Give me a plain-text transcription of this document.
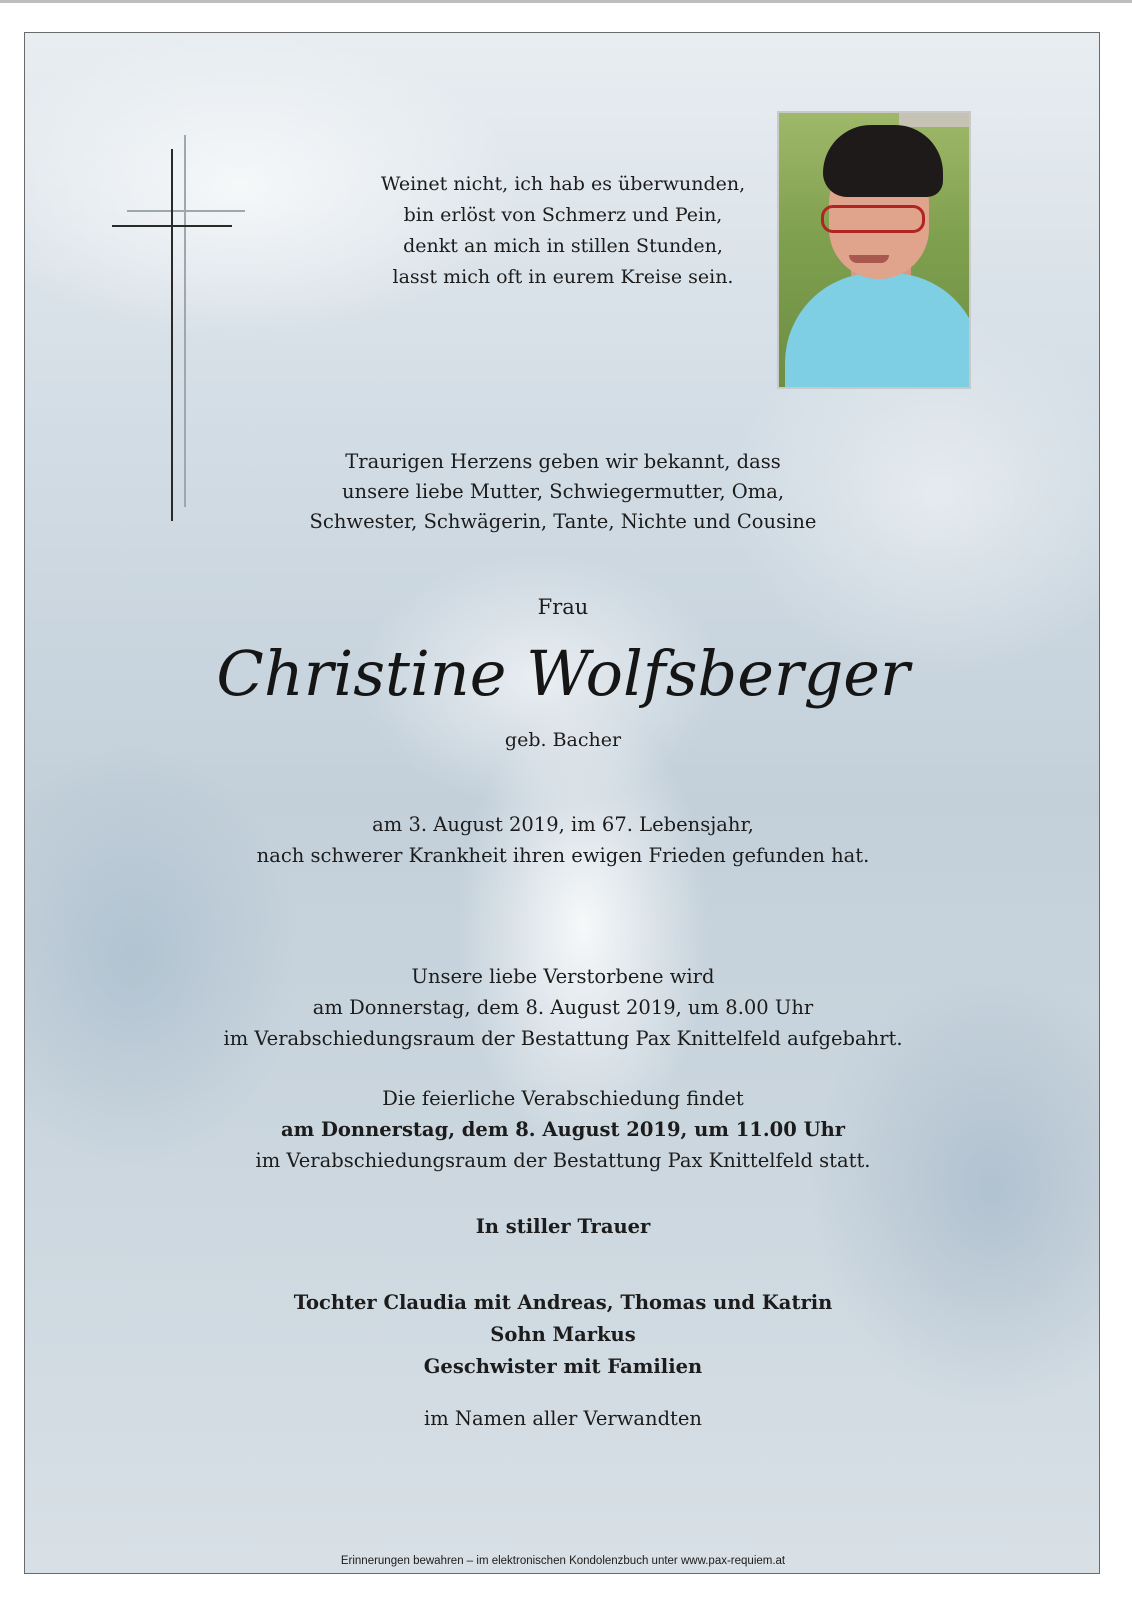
Weinet nicht, ich hab es überwunden,
bin erlöst von Schmerz und Pein,
denkt an mich in stillen Stunden,
lasst mich oft in eurem Kreise sein.
Traurigen Herzens geben wir bekannt, dass
unsere liebe Mutter, Schwiegermutter, Oma,
Schwester, Schwägerin, Tante, Nichte und Cousine
Frau
Christine Wolfsberger
geb. Bacher
am 3. August 2019, im 67. Lebensjahr,
nach schwerer Krankheit ihren ewigen Frieden gefunden hat.
Unsere liebe Verstorbene wird
am Donnerstag, dem 8. August 2019, um 8.00 Uhr
im Verabschiedungsraum der Bestattung Pax Knittelfeld aufgebahrt.
Die feierliche Verabschiedung findet
am Donnerstag, dem 8. August 2019, um 11.00 Uhr
im Verabschiedungsraum der Bestattung Pax Knittelfeld statt.
In stiller Trauer
Tochter Claudia mit Andreas, Thomas und Katrin
Sohn Markus
Geschwister mit Familien
im Namen aller Verwandten
Erinnerungen bewahren – im elektronischen Kondolenzbuch unter www.pax-requiem.at
